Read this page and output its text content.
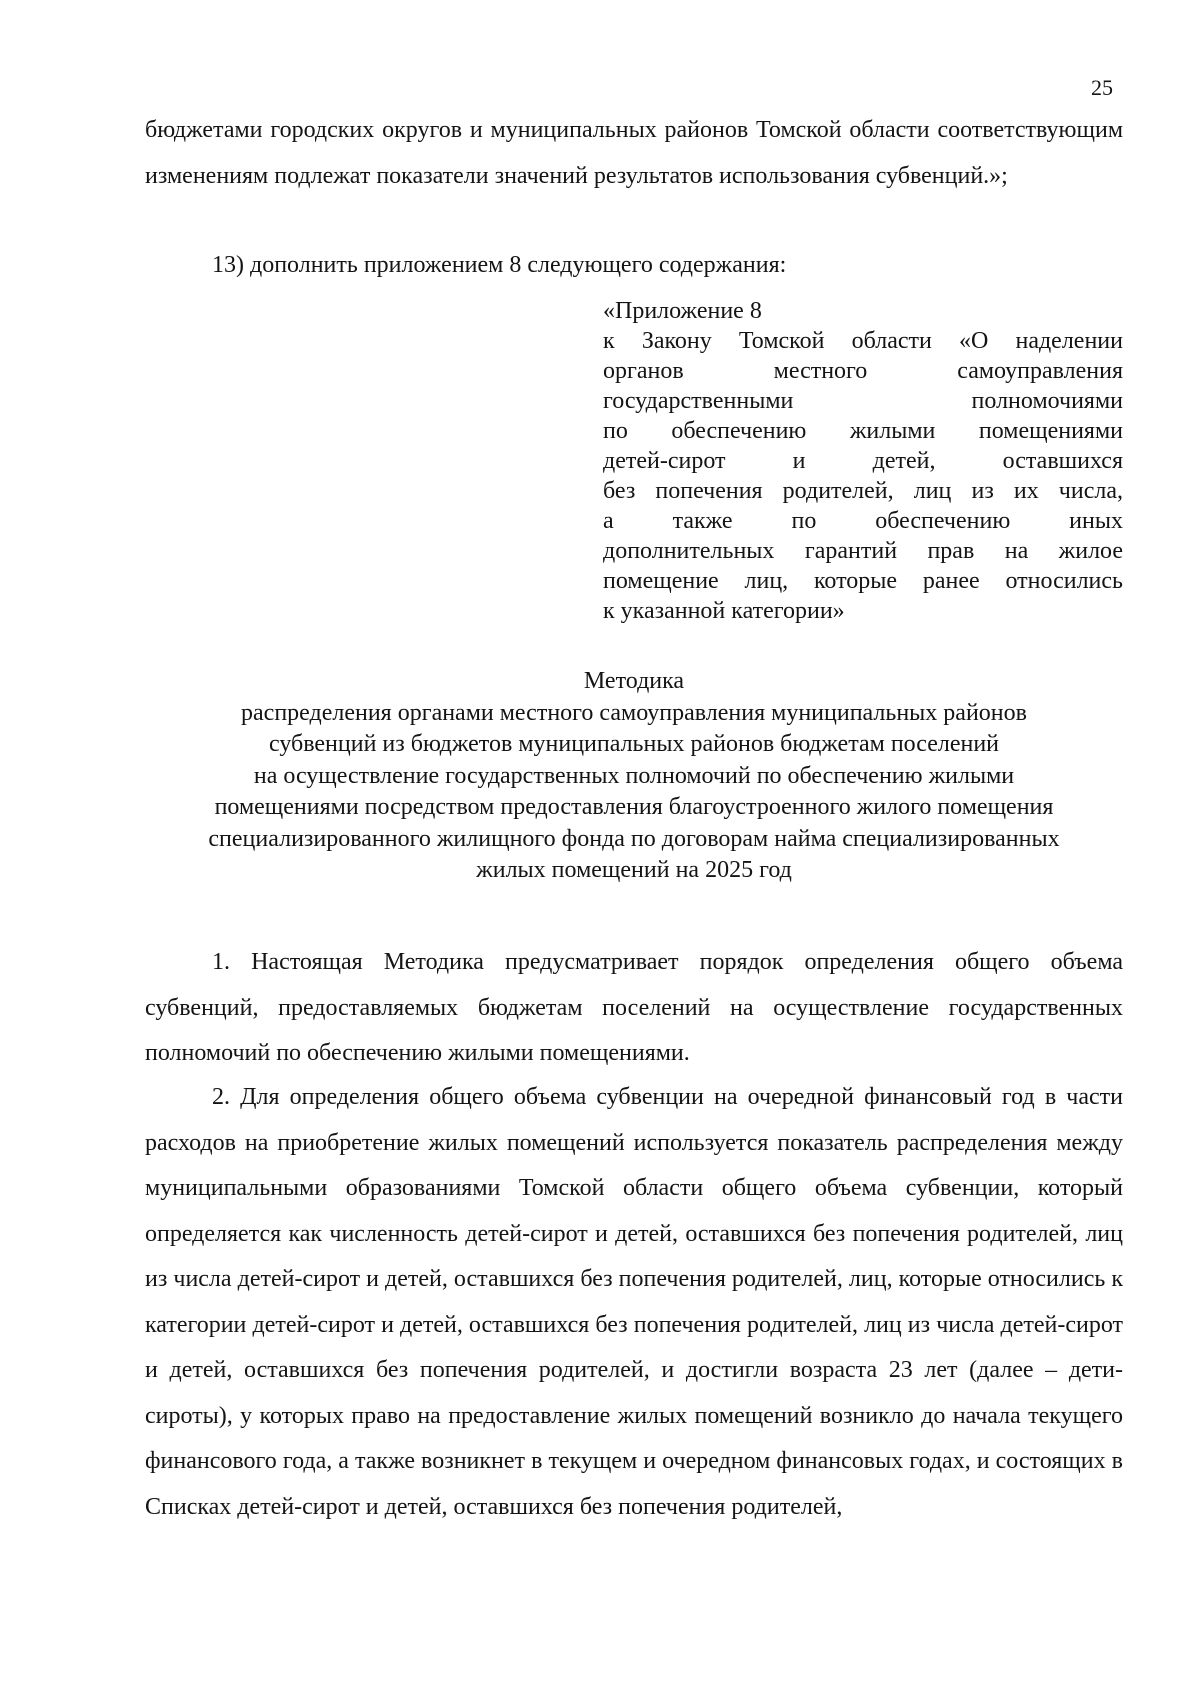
25
бюджетами городских округов и муниципальных районов Томской области соответствующим изменениям подлежат показатели значений результатов использования субвенций.»;
13) дополнить приложением 8 следующего содержания:
«Приложение 8
к Закону Томской области «О наделении
органов местного самоуправления
государственными полномочиями
по обеспечению жилыми помещениями
детей-сирот и детей, оставшихся
без попечения родителей, лиц из их числа,
а также по обеспечению иных
дополнительных гарантий прав на жилое
помещение лиц, которые ранее относились
к указанной категории»
Методика
распределения органами местного самоуправления муниципальных районов
субвенций из бюджетов муниципальных районов бюджетам поселений
на осуществление государственных полномочий по обеспечению жилыми
помещениями посредством предоставления благоустроенного жилого помещения
специализированного жилищного фонда по договорам найма специализированных
жилых помещений на 2025 год
1. Настоящая Методика предусматривает порядок определения общего объема субвенций, предоставляемых бюджетам поселений на осуществление государственных полномочий по обеспечению жилыми помещениями.
2. Для определения общего объема субвенции на очередной финансовый год в части расходов на приобретение жилых помещений используется показатель распределения между муниципальными образованиями Томской области общего объема субвенции, который определяется как численность детей-сирот и детей, оставшихся без попечения родителей, лиц из числа детей-сирот и детей, оставшихся без попечения родителей, лиц, которые относились к категории детей-сирот и детей, оставшихся без попечения родителей, лиц из числа детей-сирот и детей, оставшихся без попечения родителей, и достигли возраста 23 лет (далее – дети-сироты), у которых право на предоставление жилых помещений возникло до начала текущего финансового года, а также возникнет в текущем и очередном финансовых годах, и состоящих в Списках детей-сирот и детей, оставшихся без попечения родителей,
